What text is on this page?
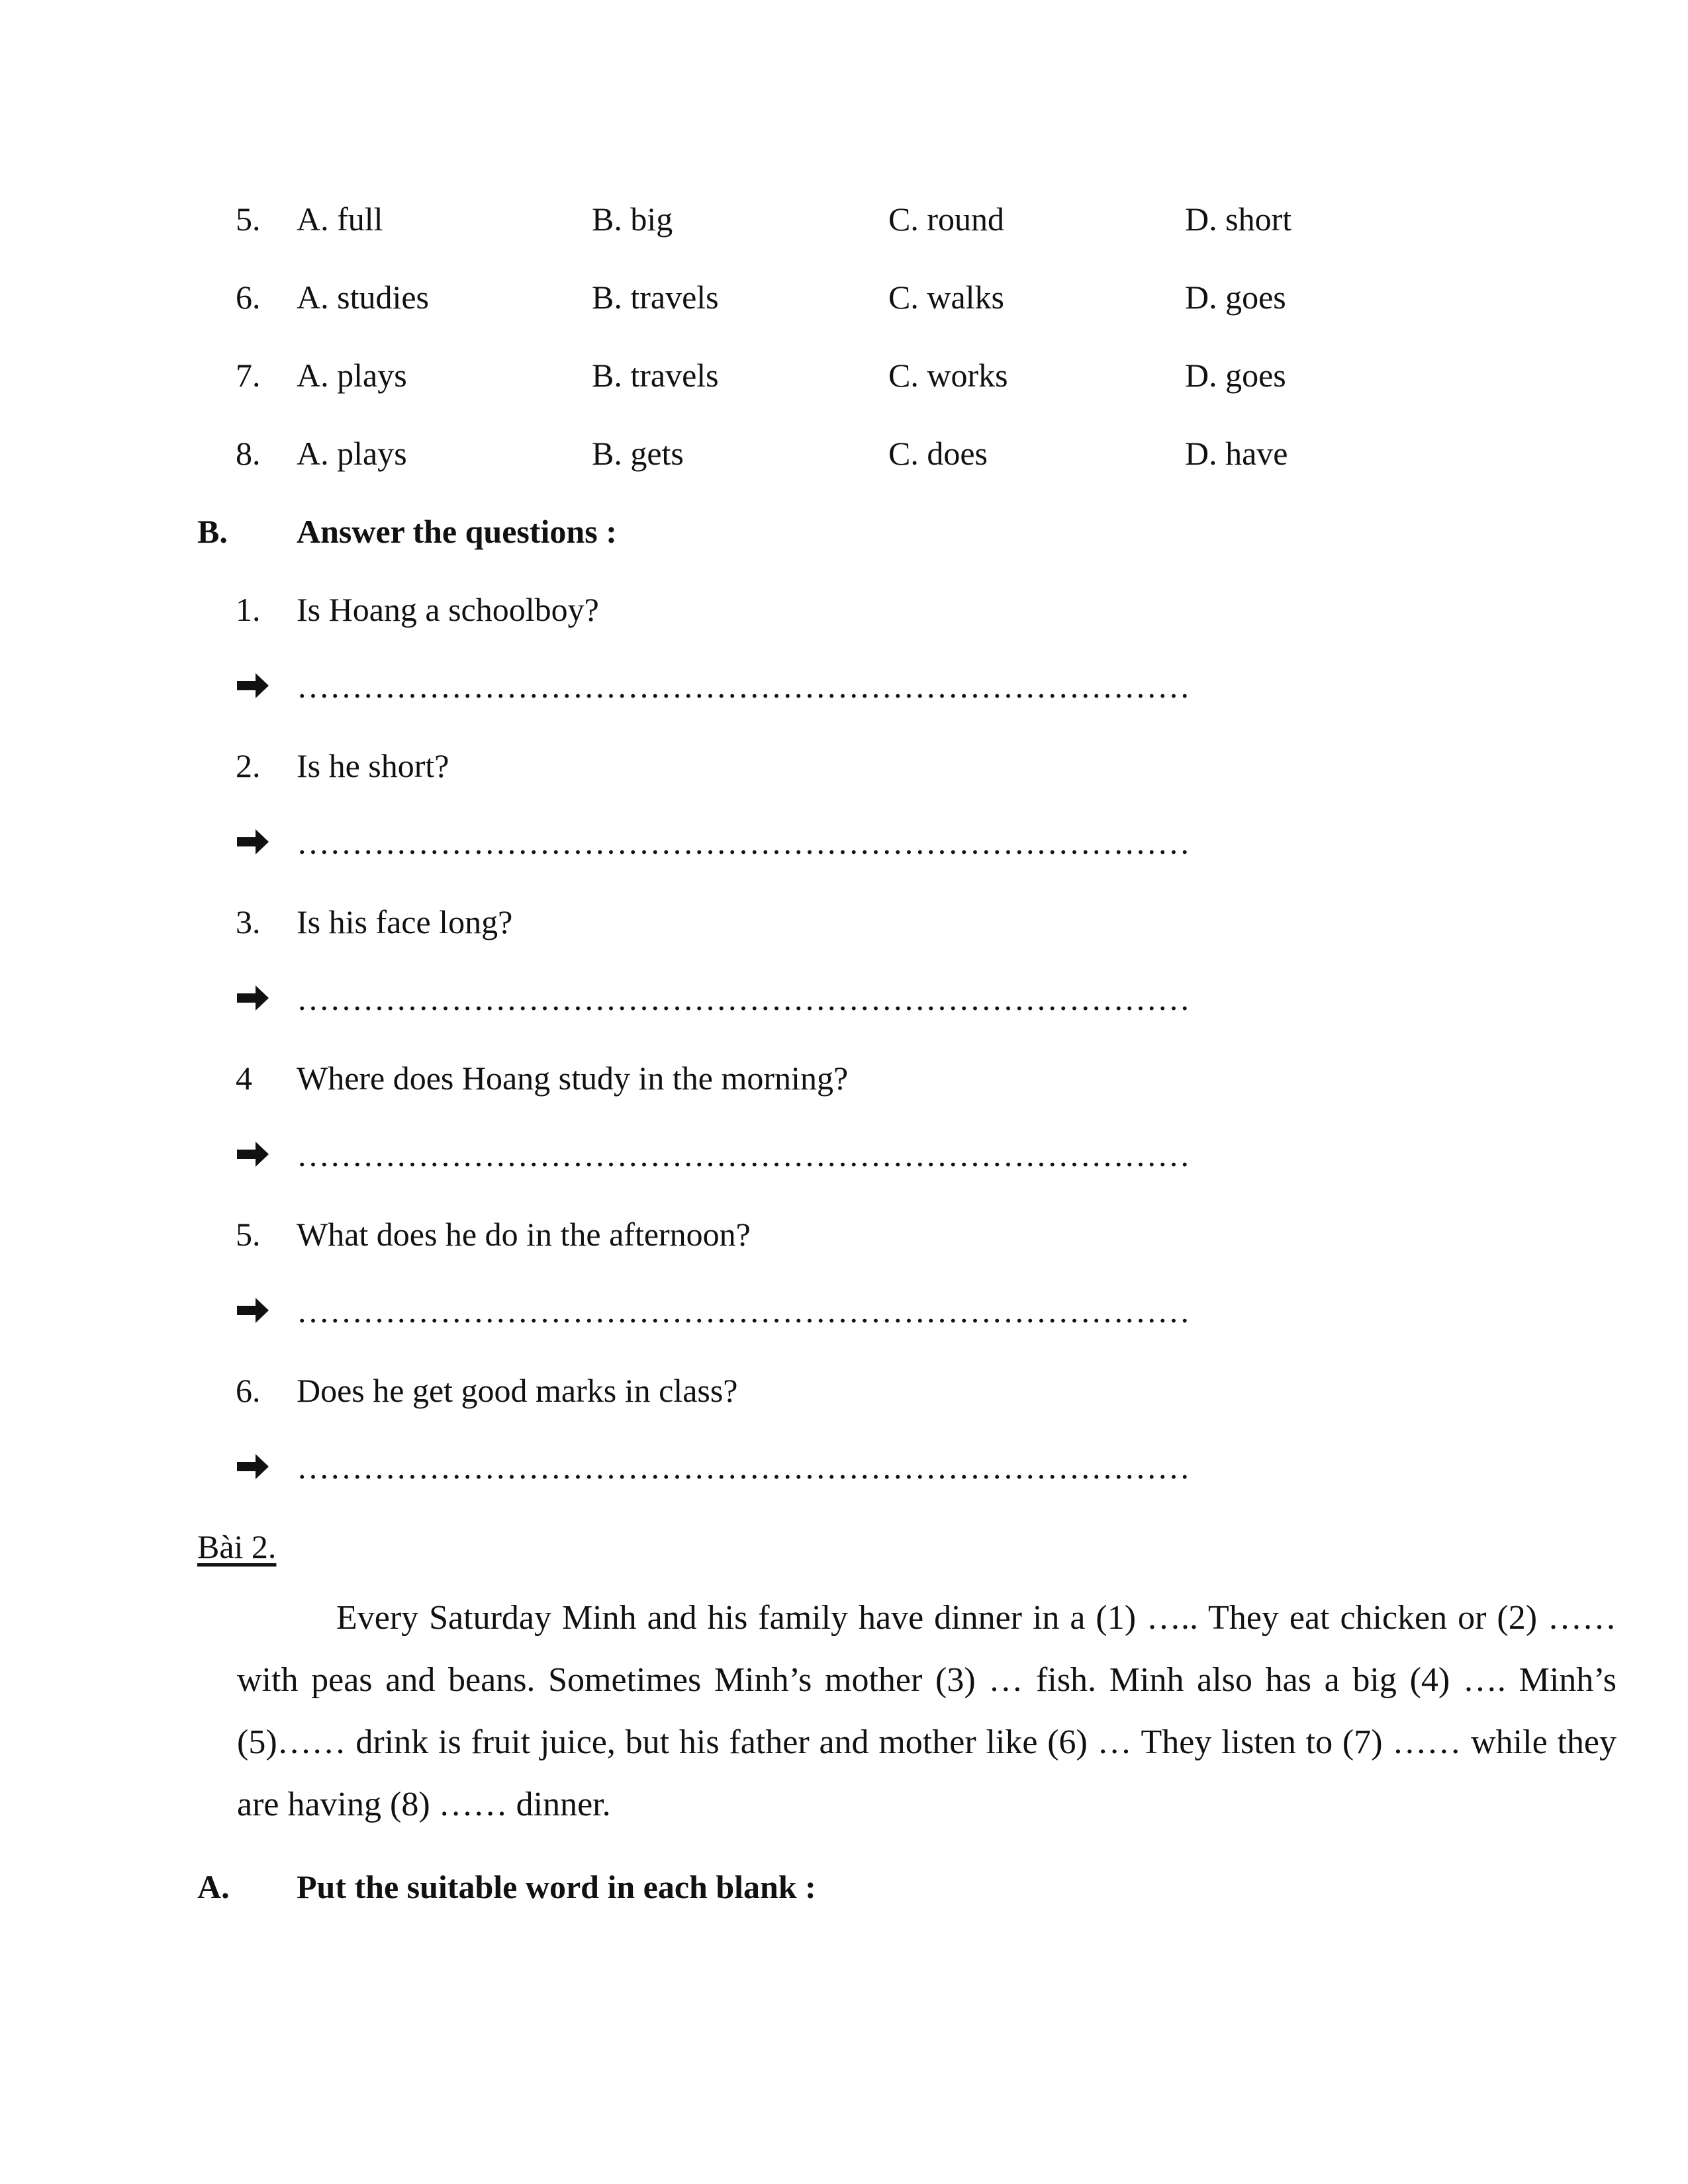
5. A. full	B. big	C. round	D. short
6. A. studies	B. travels	C. walks	D. goes
7. A. plays	B. travels	C. works	D. goes
8. A. plays	B. gets	C. does	D. have
B. Answer the questions :
1. Is Hoang a schoolboy?
………………………………………………………………………
2. Is he short?
………………………………………………………………………
3. Is his face long?
………………………………………………………………………
4 Where does Hoang study in the morning?
………………………………………………………………………
5. What does he do in the afternoon?
………………………………………………………………………
6. Does he get good marks in class?
………………………………………………………………………
Bài 2.
Every Saturday Minh and his family have dinner in a (1) ….. They eat chicken or (2) …… with peas and beans. Sometimes Minh’s mother (3) … fish. Minh also has a big (4) …. Minh’s (5)…… drink is fruit juice, but his father and mother like (6) … They listen to (7) …… while they are having (8) …… dinner.
A. Put the suitable word in each blank :
